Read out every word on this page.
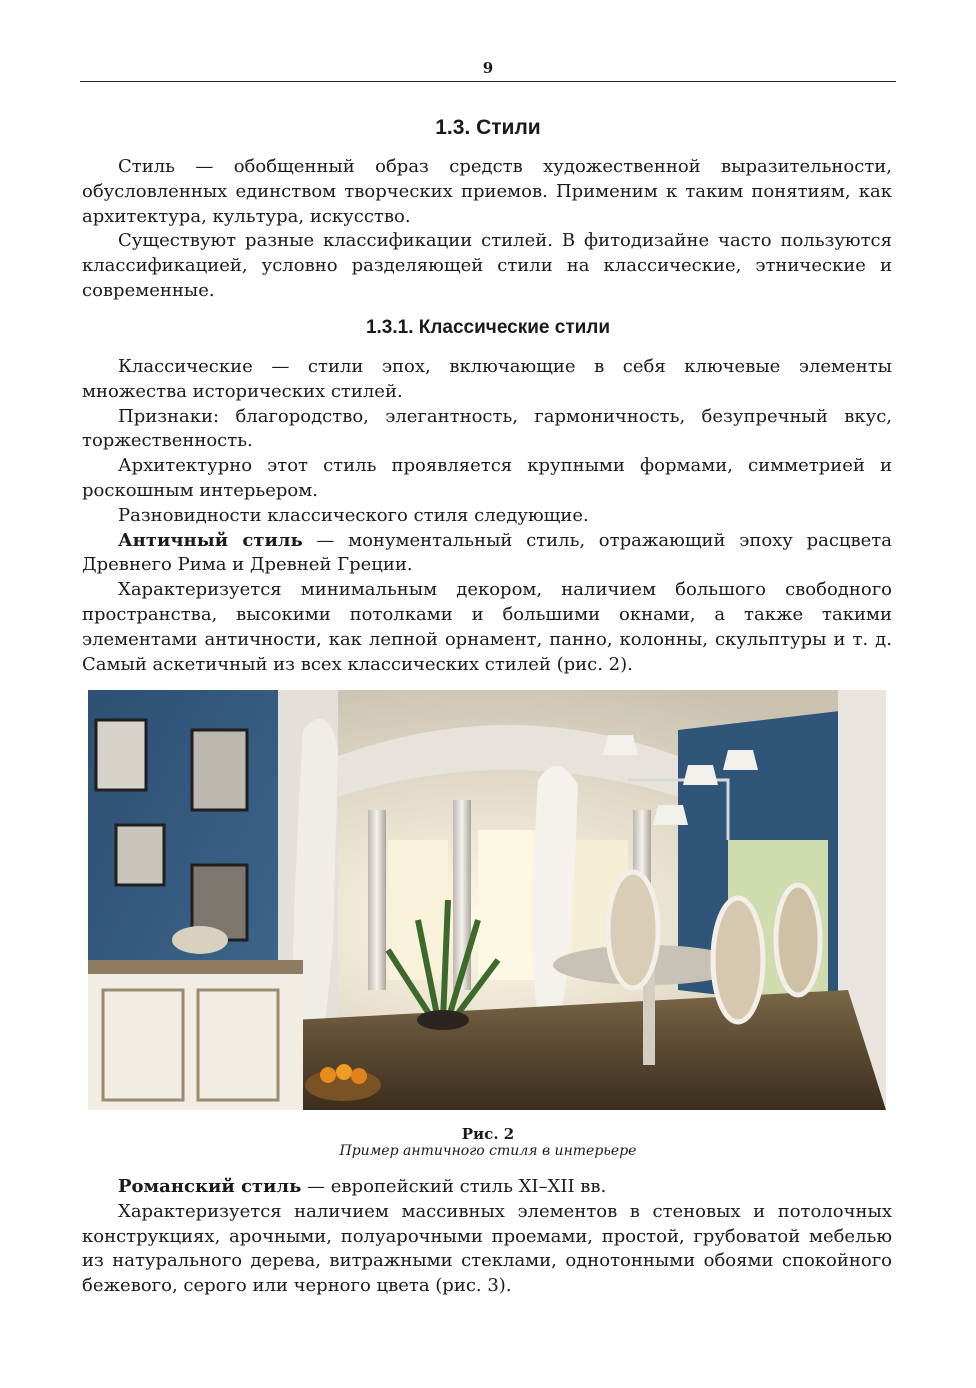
9
1.3. Стили

Стиль — обобщенный образ средств художественной выразительности, обусловленных единством творческих приемов. Применим к таким понятиям, как архитектура, культура, искусство.

Существуют разные классификации стилей. В фитодизайне часто пользуются классификацией, условно разделяющей стили на классические, этнические и современные.

1.3.1. Классические стили

Классические — стили эпох, включающие в себя ключевые элементы множества исторических стилей.

Признаки: благородство, элегантность, гармоничность, безупречный вкус, торжественность.

Архитектурно этот стиль проявляется крупными формами, симметрией и роскошным интерьером.

Разновидности классического стиля следующие.

Античный стиль — монументальный стиль, отражающий эпоху расцвета Древнего Рима и Древней Греции.

Характеризуется минимальным декором, наличием большого свободного пространства, высокими потолками и большими окнами, а также такими элементами античности, как лепной орнамент, панно, колонны, скульптуры и т. д. Самый аскетичный из всех классических стилей (рис. 2).

Рис. 2
Пример античного стиля в интерьере

Романский стиль — европейский стиль XI–XII вв.

Характеризуется наличием массивных элементов в стеновых и потолочных конструкциях, арочными, полуарочными проемами, простой, грубоватой мебелью из натурального дерева, витражными стеклами, однотонными обоями спокойного бежевого, серого или черного цвета (рис. 3).
